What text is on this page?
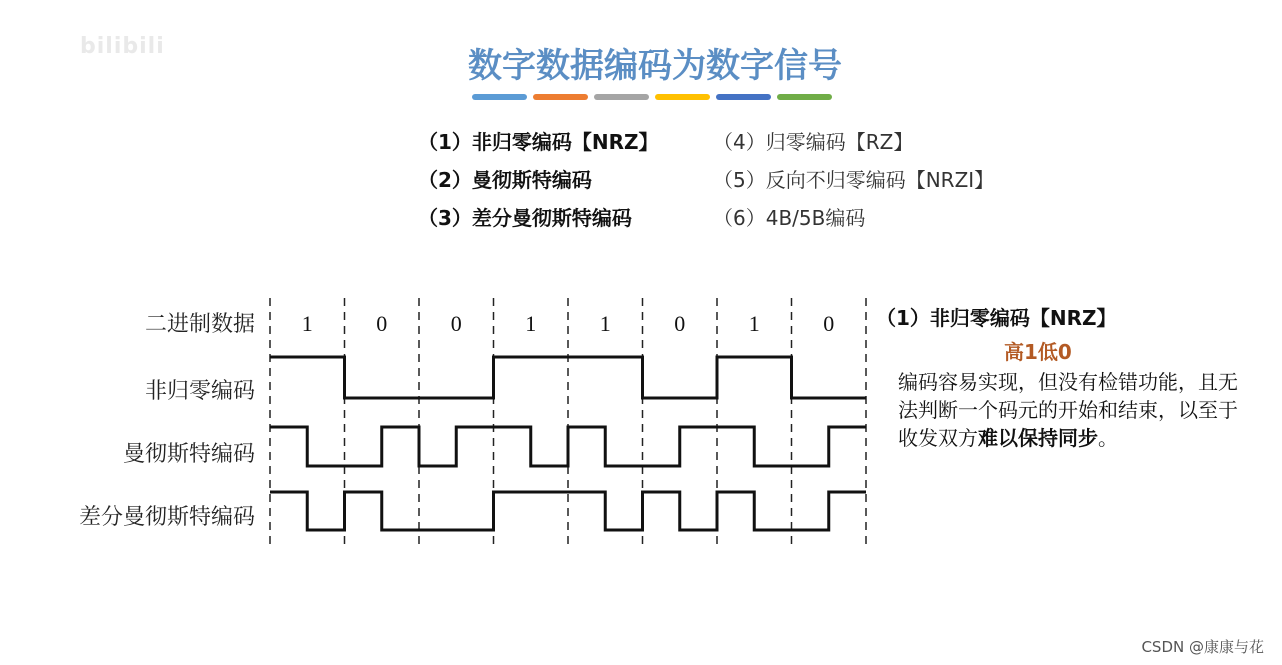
bilibili	数字数据编码为数字信号
（1）非归零编码【NRZ】	（4）归零编码【RZ】
（2）曼彻斯特编码	（5）反向不归零编码【NRZI】
（3）差分曼彻斯特编码	（6）4B/5B编码
二进制数据
非归零编码
曼彻斯特编码
差分曼彻斯特编码
1	0	0	1	1	0	1	0 （1）非归零编码【NRZ】
高1低0
编码容易实现，但没有检错功能，且无法判断一个码元的开始和结束，以至于收发双方难以保持同步。
CSDN @康康与花
